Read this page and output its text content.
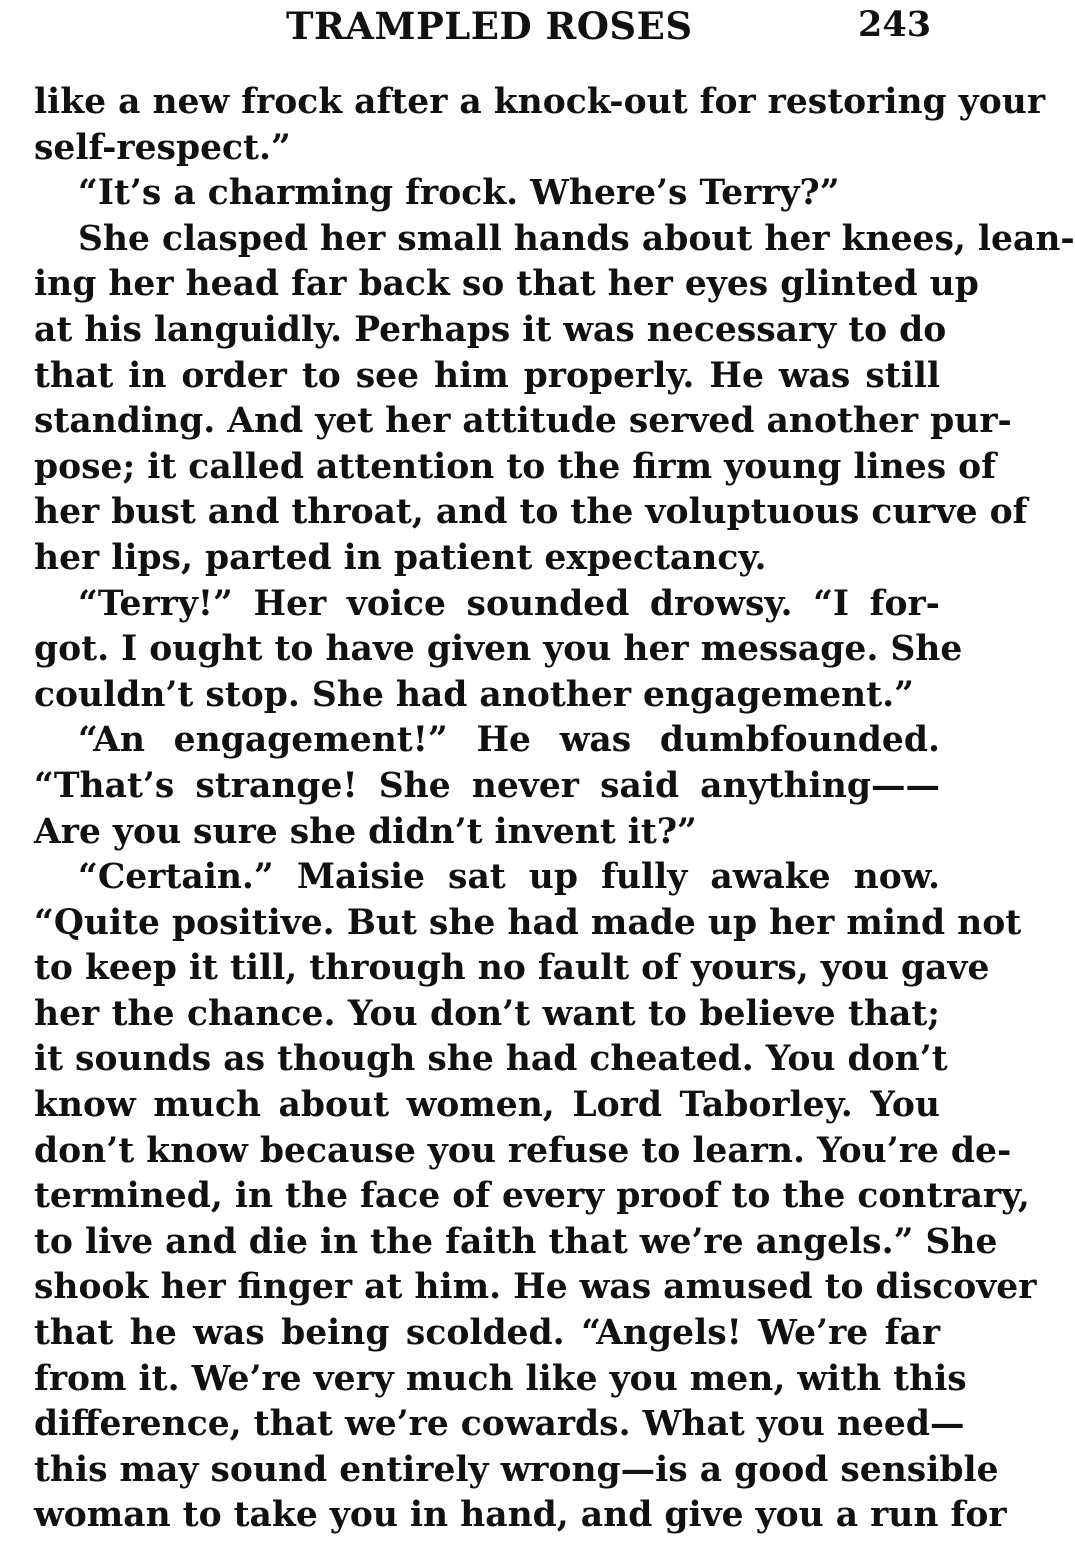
TRAMPLED ROSES	243
like a new frock after a knock-out for restoring your
self-respect.”
“It’s a charming frock. Where’s Terry?”
She clasped her small hands about her knees, lean-
ing her head far back so that her eyes glinted up
at his languidly. Perhaps it was necessary to do
that in order to see him properly. He was still
standing. And yet her attitude served another pur-
pose; it called attention to the firm young lines of
her bust and throat, and to the voluptuous curve of
her lips, parted in patient expectancy.
“Terry!” Her voice sounded drowsy. “I for-
got. I ought to have given you her message. She
couldn’t stop. She had another engagement.”
“An engagement!” He was dumbfounded.
“That’s strange! She never said anything——
Are you sure she didn’t invent it?”
“Certain.” Maisie sat up fully awake now.
“Quite positive. But she had made up her mind not
to keep it till, through no fault of yours, you gave
her the chance. You don’t want to believe that;
it sounds as though she had cheated. You don’t
know much about women, Lord Taborley. You
don’t know because you refuse to learn. You’re de-
termined, in the face of every proof to the contrary,
to live and die in the faith that we’re angels.” She
shook her finger at him. He was amused to discover
that he was being scolded. “Angels! We’re far
from it. We’re very much like you men, with this
difference, that we’re cowards. What you need—
this may sound entirely wrong—is a good sensible
woman to take you in hand, and give you a run for
